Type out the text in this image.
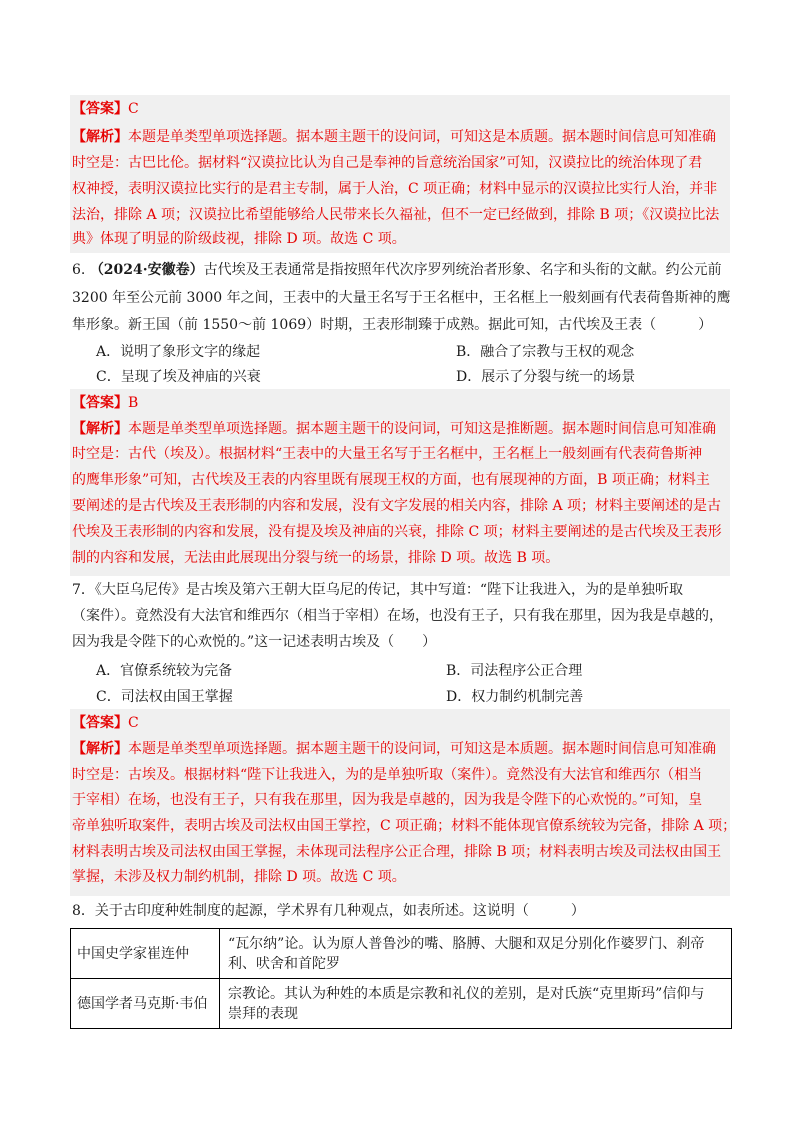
【答案】C
【解析】本题是单类型单项选择题。据本题主题干的设问词，可知这是本质题。据本题时间信息可知准确
时空是：古巴比伦。据材料“汉谟拉比认为自己是奉神的旨意统治国家”可知，汉谟拉比的统治体现了君
权神授，表明汉谟拉比实行的是君主专制，属于人治，C 项正确；材料中显示的汉谟拉比实行人治，并非
法治，排除 A 项；汉谟拉比希望能够给人民带来长久福祉，但不一定已经做到，排除 B 项；《汉谟拉比法
典》体现了明显的阶级歧视，排除 D 项。故选 C 项。
6. （2024·安徽卷）古代埃及王表通常是指按照年代次序罗列统治者形象、名字和头衔的文献。约公元前
3200 年至公元前 3000 年之间，王表中的大量王名写于王名框中，王名框上一般刻画有代表荷鲁斯神的鹰
隼形象。新王国（前 1550～前 1069）时期，王表形制臻于成熟。据此可知，古代埃及王表（　　　）
A．说明了象形文字的缘起	B．融合了宗教与王权的观念
C．呈现了埃及神庙的兴衰	D．展示了分裂与统一的场景
【答案】B
【解析】本题是单类型单项选择题。据本题主题干的设问词，可知这是推断题。据本题时间信息可知准确
时空是：古代（埃及）。根据材料“王表中的大量王名写于王名框中，王名框上一般刻画有代表荷鲁斯神
的鹰隼形象”可知，古代埃及王表的内容里既有展现王权的方面，也有展现神的方面，B 项正确；材料主
要阐述的是古代埃及王表形制的内容和发展，没有文字发展的相关内容，排除 A 项；材料主要阐述的是古
代埃及王表形制的内容和发展，没有提及埃及神庙的兴衰，排除 C 项；材料主要阐述的是古代埃及王表形
制的内容和发展，无法由此展现出分裂与统一的场景，排除 D 项。故选 B 项。
7．《大臣乌尼传》是古埃及第六王朝大臣乌尼的传记，其中写道：“陛下让我进入，为的是单独听取
（案件）。竟然没有大法官和维西尔（相当于宰相）在场，也没有王子，只有我在那里，因为我是卓越的，
因为我是令陛下的心欢悦的。”这一记述表明古埃及（　　）
A．官僚系统较为完备	B．司法程序公正合理
C．司法权由国王掌握	D．权力制约机制完善
【答案】C
【解析】本题是单类型单项选择题。据本题主题干的设问词，可知这是本质题。据本题时间信息可知准确
时空是：古埃及。根据材料“陛下让我进入，为的是单独听取（案件）。竟然没有大法官和维西尔（相当
于宰相）在场，也没有王子，只有我在那里，因为我是卓越的，因为我是令陛下的心欢悦的。”可知，皇
帝单独听取案件，表明古埃及司法权由国王掌控，C 项正确；材料不能体现官僚系统较为完备，排除 A 项；
材料表明古埃及司法权由国王掌握，未体现司法程序公正合理，排除 B 项；材料表明古埃及司法权由国王
掌握，未涉及权力制约机制，排除 D 项。故选 C 项。
8．关于古印度种姓制度的起源，学术界有几种观点，如表所述。这说明（　　　）
中国史学家崔连仲	“瓦尔纳”论。认为原人普鲁沙的嘴、胳膊、大腿和双足分别化作婆罗门、刹帝
利、吠舍和首陀罗

德国学者马克斯·韦伯	宗教论。其认为种姓的本质是宗教和礼仪的差别，是对氏族“克里斯玛”信仰与
崇拜的表现
